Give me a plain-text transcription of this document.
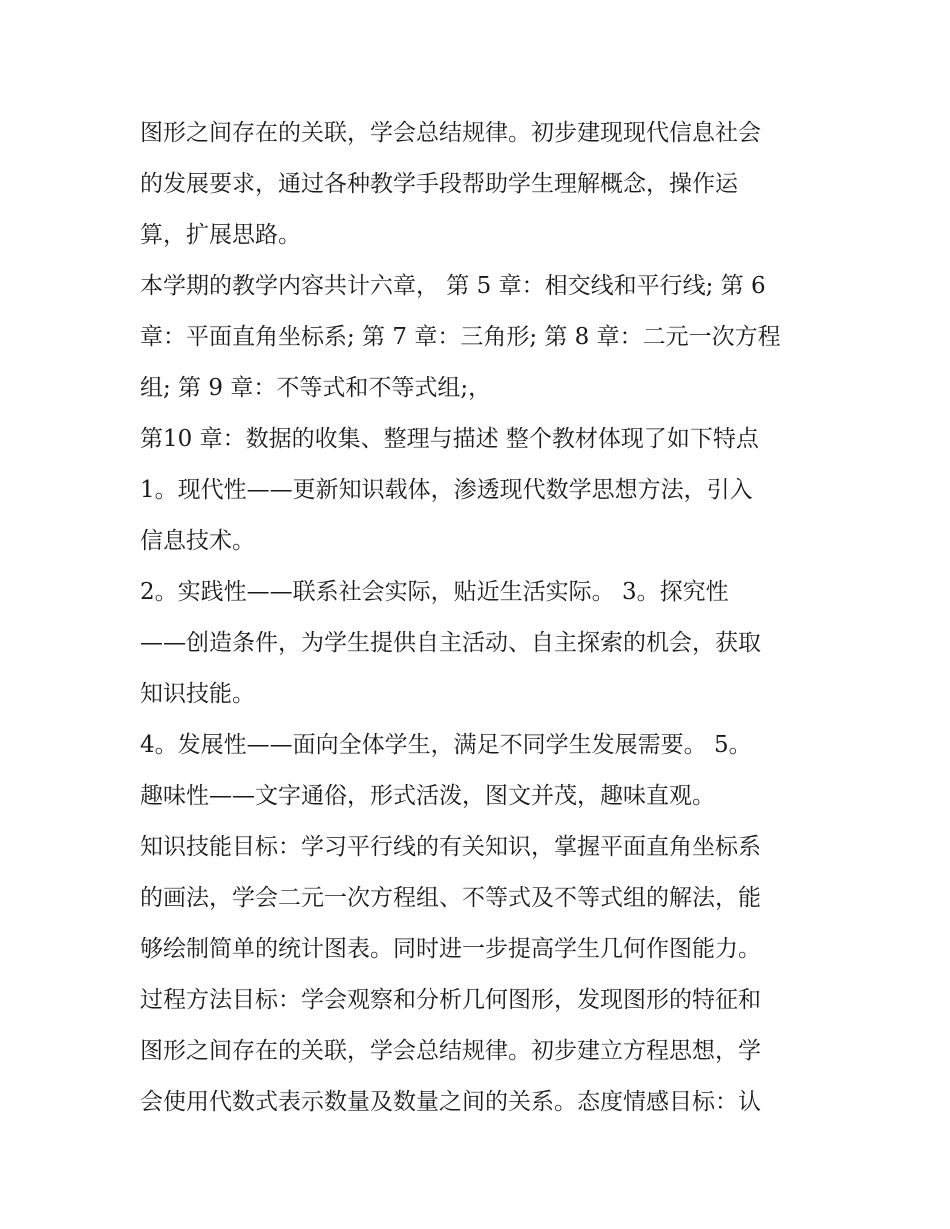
图形之间存在的关联，学会总结规律。初步建现现代信息社会
的发展要求，通过各种教学手段帮助学生理解概念，操作运
算，扩展思路。
本学期的教学内容共计六章， 第 5 章：相交线和平行线; 第 6
章：平面直角坐标系; 第 7 章：三角形; 第 8 章：二元一次方程
组; 第 9 章：不等式和不等式组;，
第10 章：数据的收集、整理与描述 整个教材体现了如下特点
1。现代性——更新知识载体，渗透现代数学思想方法，引入
信息技术。
2。实践性——联系社会实际，贴近生活实际。 3。探究性
——创造条件，为学生提供自主活动、自主探索的机会，获取
知识技能。
4。发展性——面向全体学生，满足不同学生发展需要。 5。
趣味性——文字通俗，形式活泼，图文并茂，趣味直观。
知识技能目标：学习平行线的有关知识，掌握平面直角坐标系
的画法，学会二元一次方程组、不等式及不等式组的解法，能
够绘制简单的统计图表。同时进一步提高学生几何作图能力。
过程方法目标：学会观察和分析几何图形，发现图形的特征和
图形之间存在的关联，学会总结规律。初步建立方程思想，学
会使用代数式表示数量及数量之间的关系。态度情感目标：认
